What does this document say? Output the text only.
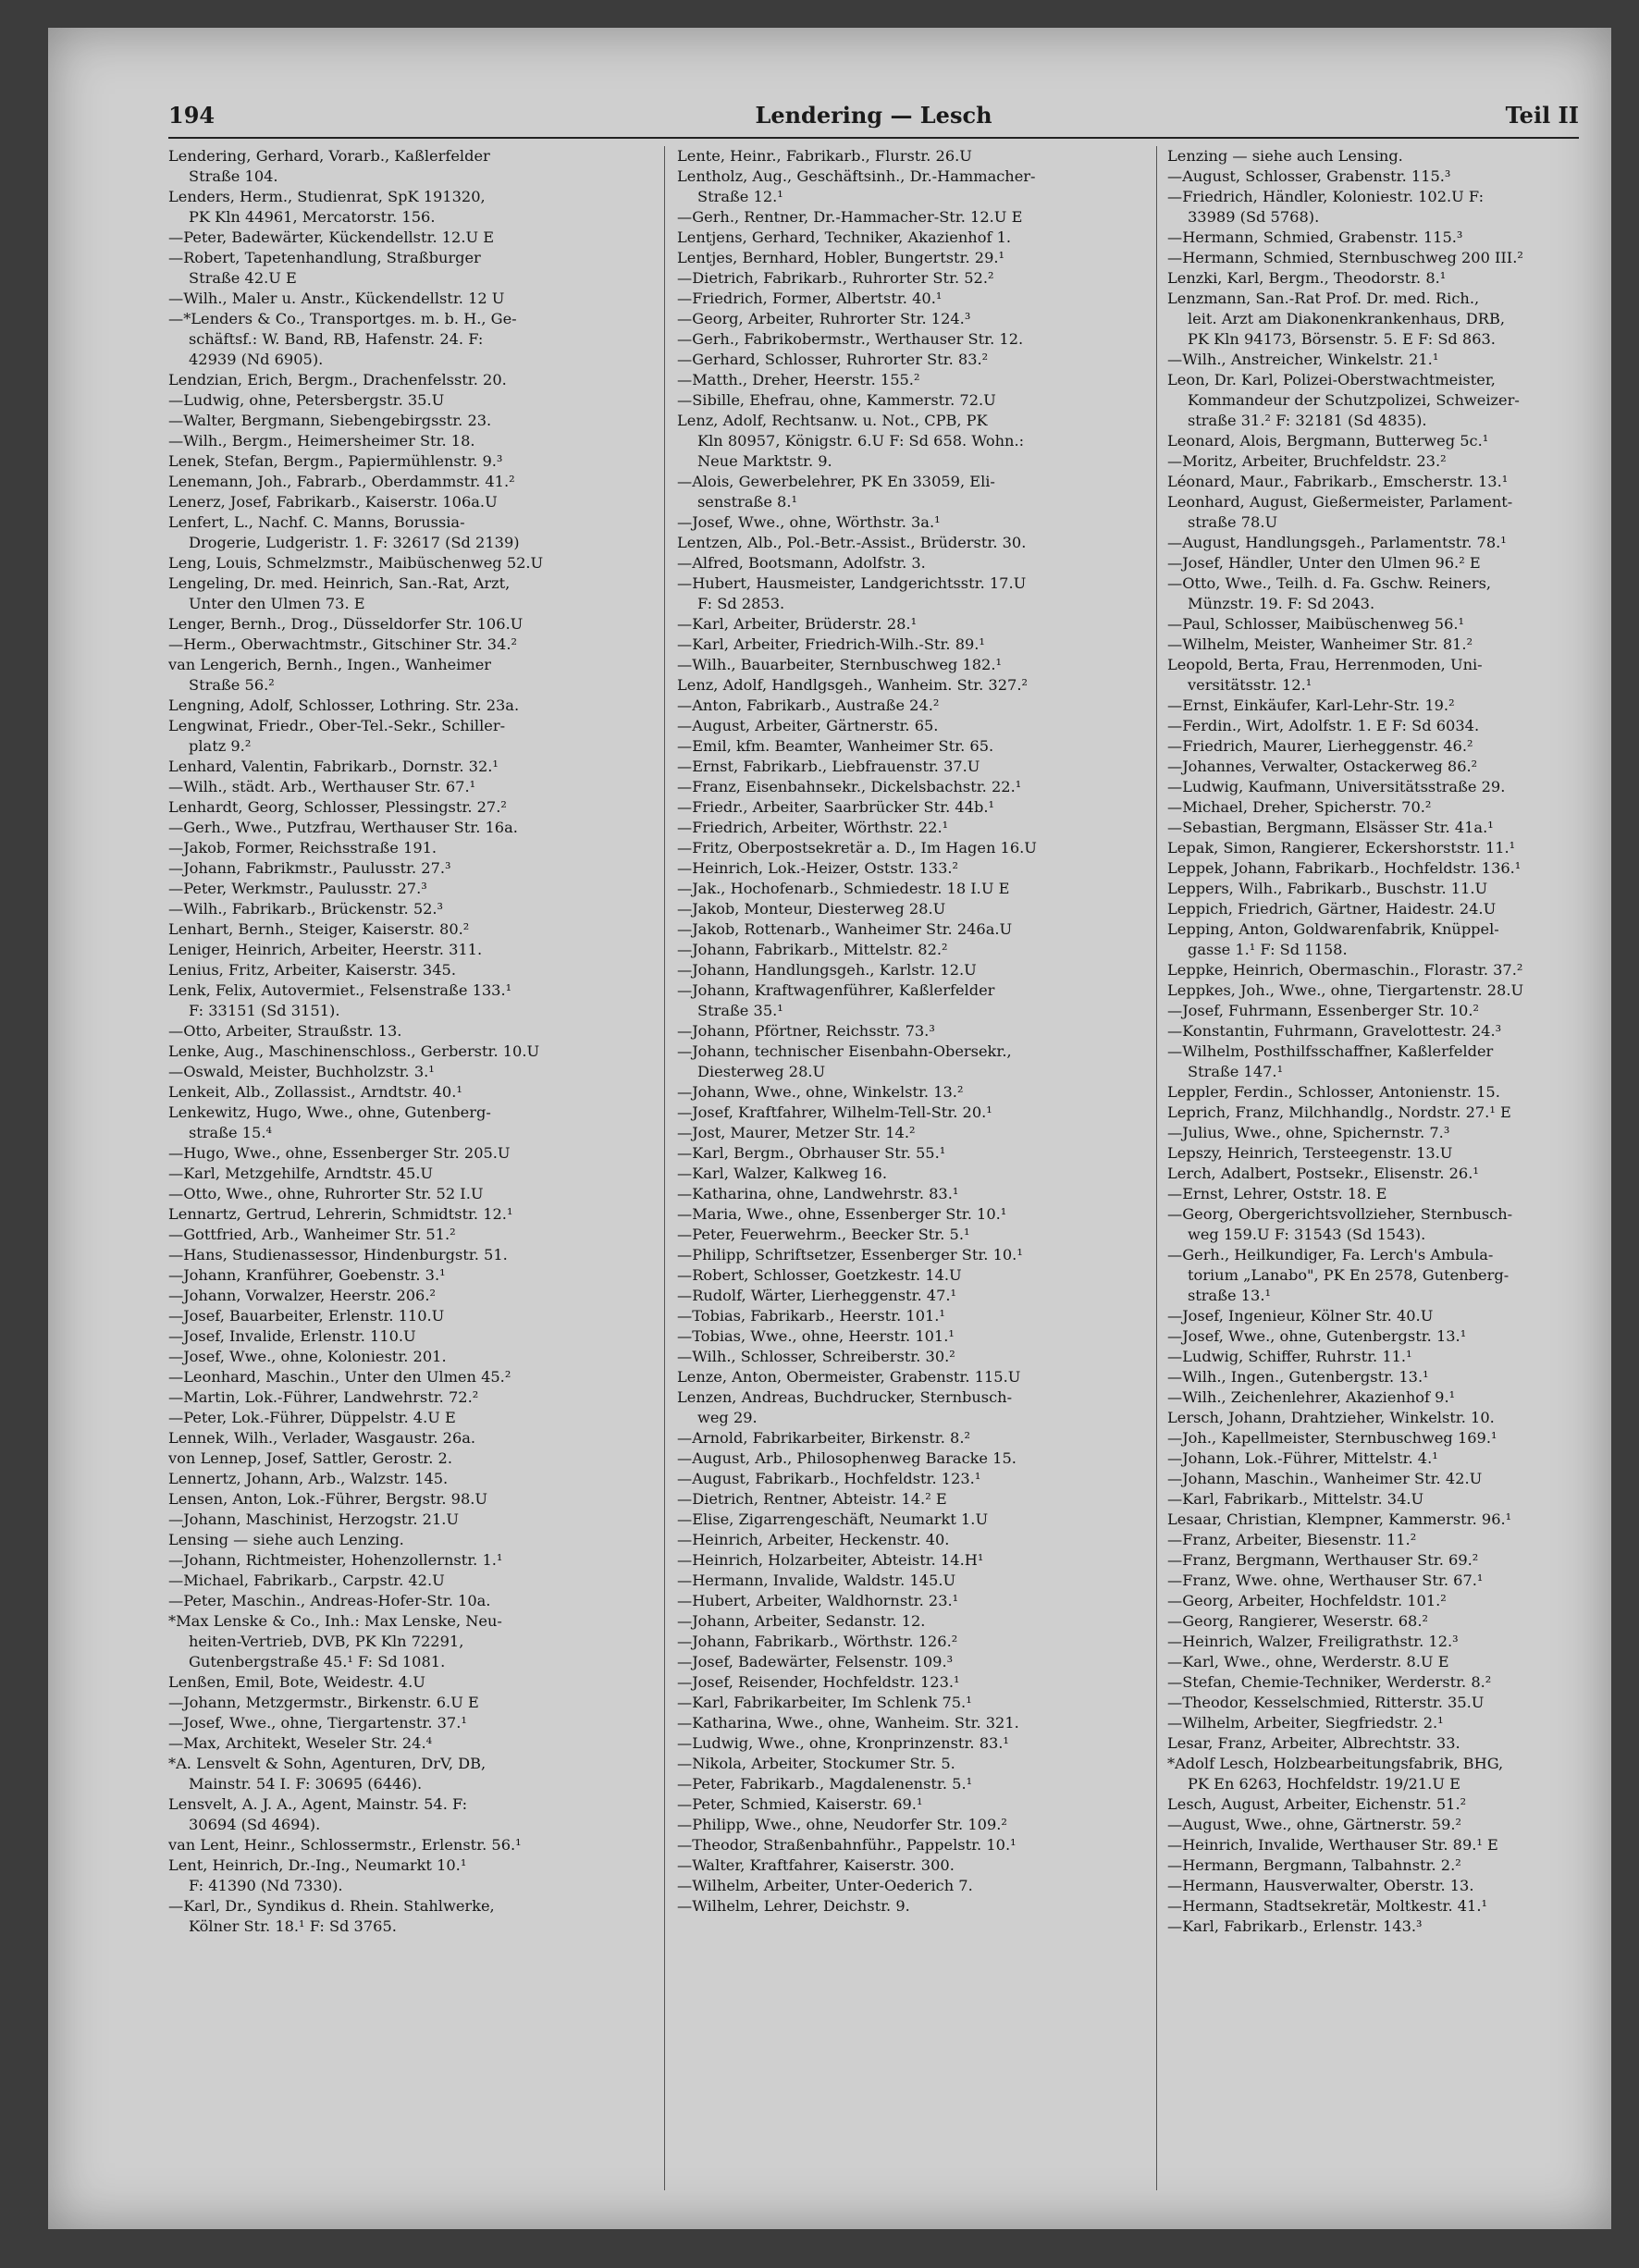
194	Lendering — Lesch	Teil II
Lendering, Gerhard, Vorarb., Kaßlerfelder
Straße 104.
Lenders, Herm., Studienrat, SpK 191320,
PK Kln 44961, Mercatorstr. 156.
—Peter, Badewärter, Kückendellstr. 12.U E
—Robert, Tapetenhandlung, Straßburger
Straße 42.U E
—Wilh., Maler u. Anstr., Kückendellstr. 12 U
—*Lenders & Co., Transportges. m. b. H., Ge-
schäftsf.: W. Band, RB, Hafenstr. 24. F:
42939 (Nd 6905).
Lendzian, Erich, Bergm., Drachenfelsstr. 20.
—Ludwig, ohne, Petersbergstr. 35.U
—Walter, Bergmann, Siebengebirgsstr. 23.
—Wilh., Bergm., Heimersheimer Str. 18.
Lenek, Stefan, Bergm., Papiermühlenstr. 9.³
Lenemann, Joh., Fabrarb., Oberdammstr. 41.²
Lenerz, Josef, Fabrikarb., Kaiserstr. 106a.U
Lenfert, L., Nachf. C. Manns, Borussia-
Drogerie, Ludgeristr. 1. F: 32617 (Sd 2139)
Leng, Louis, Schmelzmstr., Maibüschenweg 52.U
Lengeling, Dr. med. Heinrich, San.-Rat, Arzt,
Unter den Ulmen 73. E
Lenger, Bernh., Drog., Düsseldorfer Str. 106.U
—Herm., Oberwachtmstr., Gitschiner Str. 34.²
van Lengerich, Bernh., Ingen., Wanheimer
Straße 56.²
Lengning, Adolf, Schlosser, Lothring. Str. 23a.
Lengwinat, Friedr., Ober-Tel.-Sekr., Schiller-
platz 9.²
Lenhard, Valentin, Fabrikarb., Dornstr. 32.¹
—Wilh., städt. Arb., Werthauser Str. 67.¹
Lenhardt, Georg, Schlosser, Plessingstr. 27.²
—Gerh., Wwe., Putzfrau, Werthauser Str. 16a.
—Jakob, Former, Reichsstraße 191.
—Johann, Fabrikmstr., Paulusstr. 27.³
—Peter, Werkmstr., Paulusstr. 27.³
—Wilh., Fabrikarb., Brückenstr. 52.³
Lenhart, Bernh., Steiger, Kaiserstr. 80.²
Leniger, Heinrich, Arbeiter, Heerstr. 311.
Lenius, Fritz, Arbeiter, Kaiserstr. 345.
Lenk, Felix, Autovermiet., Felsenstraße 133.¹
F: 33151 (Sd 3151).
—Otto, Arbeiter, Straußstr. 13.
Lenke, Aug., Maschinenschloss., Gerberstr. 10.U
—Oswald, Meister, Buchholzstr. 3.¹
Lenkeit, Alb., Zollassist., Arndtstr. 40.¹
Lenkewitz, Hugo, Wwe., ohne, Gutenberg-
straße 15.⁴
—Hugo, Wwe., ohne, Essenberger Str. 205.U
—Karl, Metzgehilfe, Arndtstr. 45.U
—Otto, Wwe., ohne, Ruhrorter Str. 52 I.U
Lennartz, Gertrud, Lehrerin, Schmidtstr. 12.¹
—Gottfried, Arb., Wanheimer Str. 51.²
—Hans, Studienassessor, Hindenburgstr. 51.
—Johann, Kranführer, Goebenstr. 3.¹
—Johann, Vorwalzer, Heerstr. 206.²
—Josef, Bauarbeiter, Erlenstr. 110.U
—Josef, Invalide, Erlenstr. 110.U
—Josef, Wwe., ohne, Koloniestr. 201.
—Leonhard, Maschin., Unter den Ulmen 45.²
—Martin, Lok.-Führer, Landwehrstr. 72.²
—Peter, Lok.-Führer, Düppelstr. 4.U E
Lennek, Wilh., Verlader, Wasgaustr. 26a.
von Lennep, Josef, Sattler, Gerostr. 2.
Lennertz, Johann, Arb., Walzstr. 145.
Lensen, Anton, Lok.-Führer, Bergstr. 98.U
—Johann, Maschinist, Herzogstr. 21.U
Lensing — siehe auch Lenzing.
—Johann, Richtmeister, Hohenzollernstr. 1.¹
—Michael, Fabrikarb., Carpstr. 42.U
—Peter, Maschin., Andreas-Hofer-Str. 10a.
*Max Lenske & Co., Inh.: Max Lenske, Neu-
heiten-Vertrieb, DVB, PK Kln 72291,
Gutenbergstraße 45.¹ F: Sd 1081.
Lenßen, Emil, Bote, Weidestr. 4.U
—Johann, Metzgermstr., Birkenstr. 6.U E
—Josef, Wwe., ohne, Tiergartenstr. 37.¹
—Max, Architekt, Weseler Str. 24.⁴
*A. Lensvelt & Sohn, Agenturen, DrV, DB,
Mainstr. 54 I. F: 30695 (6446).
Lensvelt, A. J. A., Agent, Mainstr. 54. F:
30694 (Sd 4694).
van Lent, Heinr., Schlossermstr., Erlenstr. 56.¹
Lent, Heinrich, Dr.-Ing., Neumarkt 10.¹
F: 41390 (Nd 7330).
—Karl, Dr., Syndikus d. Rhein. Stahlwerke,
Kölner Str. 18.¹ F: Sd 3765.
Lente, Heinr., Fabrikarb., Flurstr. 26.U
Lentholz, Aug., Geschäftsinh., Dr.-Hammacher-
Straße 12.¹
—Gerh., Rentner, Dr.-Hammacher-Str. 12.U E
Lentjens, Gerhard, Techniker, Akazienhof 1.
Lentjes, Bernhard, Hobler, Bungertstr. 29.¹
—Dietrich, Fabrikarb., Ruhrorter Str. 52.²
—Friedrich, Former, Albertstr. 40.¹
—Georg, Arbeiter, Ruhrorter Str. 124.³
—Gerh., Fabrikobermstr., Werthauser Str. 12.
—Gerhard, Schlosser, Ruhrorter Str. 83.²
—Matth., Dreher, Heerstr. 155.²
—Sibille, Ehefrau, ohne, Kammerstr. 72.U
Lenz, Adolf, Rechtsanw. u. Not., CPB, PK
Kln 80957, Königstr. 6.U F: Sd 658. Wohn.:
Neue Marktstr. 9.
—Alois, Gewerbelehrer, PK En 33059, Eli-
senstraße 8.¹
—Josef, Wwe., ohne, Wörthstr. 3a.¹
Lentzen, Alb., Pol.-Betr.-Assist., Brüderstr. 30.
—Alfred, Bootsmann, Adolfstr. 3.
—Hubert, Hausmeister, Landgerichtsstr. 17.U
F: Sd 2853.
—Karl, Arbeiter, Brüderstr. 28.¹
—Karl, Arbeiter, Friedrich-Wilh.-Str. 89.¹
—Wilh., Bauarbeiter, Sternbuschweg 182.¹
Lenz, Adolf, Handlgsgeh., Wanheim. Str. 327.²
—Anton, Fabrikarb., Austraße 24.²
—August, Arbeiter, Gärtnerstr. 65.
—Emil, kfm. Beamter, Wanheimer Str. 65.
—Ernst, Fabrikarb., Liebfrauenstr. 37.U
—Franz, Eisenbahnsekr., Dickelsbachstr. 22.¹
—Friedr., Arbeiter, Saarbrücker Str. 44b.¹
—Friedrich, Arbeiter, Wörthstr. 22.¹
—Fritz, Oberpostsekretär a. D., Im Hagen 16.U
—Heinrich, Lok.-Heizer, Oststr. 133.²
—Jak., Hochofenarb., Schmiedestr. 18 I.U E
—Jakob, Monteur, Diesterweg 28.U
—Jakob, Rottenarb., Wanheimer Str. 246a.U
—Johann, Fabrikarb., Mittelstr. 82.²
—Johann, Handlungsgeh., Karlstr. 12.U
—Johann, Kraftwagenführer, Kaßlerfelder
Straße 35.¹
—Johann, Pförtner, Reichsstr. 73.³
—Johann, technischer Eisenbahn-Obersekr.,
Diesterweg 28.U
—Johann, Wwe., ohne, Winkelstr. 13.²
—Josef, Kraftfahrer, Wilhelm-Tell-Str. 20.¹
—Jost, Maurer, Metzer Str. 14.²
—Karl, Bergm., Obrhauser Str. 55.¹
—Karl, Walzer, Kalkweg 16.
—Katharina, ohne, Landwehrstr. 83.¹
—Maria, Wwe., ohne, Essenberger Str. 10.¹
—Peter, Feuerwehrm., Beecker Str. 5.¹
—Philipp, Schriftsetzer, Essenberger Str. 10.¹
—Robert, Schlosser, Goetzkestr. 14.U
—Rudolf, Wärter, Lierheggenstr. 47.¹
—Tobias, Fabrikarb., Heerstr. 101.¹
—Tobias, Wwe., ohne, Heerstr. 101.¹
—Wilh., Schlosser, Schreiberstr. 30.²
Lenze, Anton, Obermeister, Grabenstr. 115.U
Lenzen, Andreas, Buchdrucker, Sternbusch-
weg 29.
—Arnold, Fabrikarbeiter, Birkenstr. 8.²
—August, Arb., Philosophenweg Baracke 15.
—August, Fabrikarb., Hochfeldstr. 123.¹
—Dietrich, Rentner, Abteistr. 14.² E
—Elise, Zigarrengeschäft, Neumarkt 1.U
—Heinrich, Arbeiter, Heckenstr. 40.
—Heinrich, Holzarbeiter, Abteistr. 14.H¹
—Hermann, Invalide, Waldstr. 145.U
—Hubert, Arbeiter, Waldhornstr. 23.¹
—Johann, Arbeiter, Sedanstr. 12.
—Johann, Fabrikarb., Wörthstr. 126.²
—Josef, Badewärter, Felsenstr. 109.³
—Josef, Reisender, Hochfeldstr. 123.¹
—Karl, Fabrikarbeiter, Im Schlenk 75.¹
—Katharina, Wwe., ohne, Wanheim. Str. 321.
—Ludwig, Wwe., ohne, Kronprinzenstr. 83.¹
—Nikola, Arbeiter, Stockumer Str. 5.
—Peter, Fabrikarb., Magdalenenstr. 5.¹
—Peter, Schmied, Kaiserstr. 69.¹
—Philipp, Wwe., ohne, Neudorfer Str. 109.²
—Theodor, Straßenbahnführ., Pappelstr. 10.¹
—Walter, Kraftfahrer, Kaiserstr. 300.
—Wilhelm, Arbeiter, Unter-Oederich 7.
—Wilhelm, Lehrer, Deichstr. 9.
Lenzing — siehe auch Lensing.
—August, Schlosser, Grabenstr. 115.³
—Friedrich, Händler, Koloniestr. 102.U F:
33989 (Sd 5768).
—Hermann, Schmied, Grabenstr. 115.³
—Hermann, Schmied, Sternbuschweg 200 III.²
Lenzki, Karl, Bergm., Theodorstr. 8.¹
Lenzmann, San.-Rat Prof. Dr. med. Rich.,
leit. Arzt am Diakonenkrankenhaus, DRB,
PK Kln 94173, Börsenstr. 5. E F: Sd 863.
—Wilh., Anstreicher, Winkelstr. 21.¹
Leon, Dr. Karl, Polizei-Oberstwachtmeister,
Kommandeur der Schutzpolizei, Schweizer-
straße 31.² F: 32181 (Sd 4835).
Leonard, Alois, Bergmann, Butterweg 5c.¹
—Moritz, Arbeiter, Bruchfeldstr. 23.²
Léonard, Maur., Fabrikarb., Emscherstr. 13.¹
Leonhard, August, Gießermeister, Parlament-
straße 78.U
—August, Handlungsgeh., Parlamentstr. 78.¹
—Josef, Händler, Unter den Ulmen 96.² E
—Otto, Wwe., Teilh. d. Fa. Gschw. Reiners,
Münzstr. 19. F: Sd 2043.
—Paul, Schlosser, Maibüschenweg 56.¹
—Wilhelm, Meister, Wanheimer Str. 81.²
Leopold, Berta, Frau, Herrenmoden, Uni-
versitätsstr. 12.¹
—Ernst, Einkäufer, Karl-Lehr-Str. 19.²
—Ferdin., Wirt, Adolfstr. 1. E F: Sd 6034.
—Friedrich, Maurer, Lierheggenstr. 46.²
—Johannes, Verwalter, Ostackerweg 86.²
—Ludwig, Kaufmann, Universitätsstraße 29.
—Michael, Dreher, Spicherstr. 70.²
—Sebastian, Bergmann, Elsässer Str. 41a.¹
Lepak, Simon, Rangierer, Eckershorststr. 11.¹
Leppek, Johann, Fabrikarb., Hochfeldstr. 136.¹
Leppers, Wilh., Fabrikarb., Buschstr. 11.U
Leppich, Friedrich, Gärtner, Haidestr. 24.U
Lepping, Anton, Goldwarenfabrik, Knüppel-
gasse 1.¹ F: Sd 1158.
Leppke, Heinrich, Obermaschin., Florastr. 37.²
Leppkes, Joh., Wwe., ohne, Tiergartenstr. 28.U
—Josef, Fuhrmann, Essenberger Str. 10.²
—Konstantin, Fuhrmann, Gravelottestr. 24.³
—Wilhelm, Posthilfsschaffner, Kaßlerfelder
Straße 147.¹
Leppler, Ferdin., Schlosser, Antonienstr. 15.
Leprich, Franz, Milchhandlg., Nordstr. 27.¹ E
—Julius, Wwe., ohne, Spichernstr. 7.³
Lepszy, Heinrich, Tersteegenstr. 13.U
Lerch, Adalbert, Postsekr., Elisenstr. 26.¹
—Ernst, Lehrer, Oststr. 18. E
—Georg, Obergerichtsvollzieher, Sternbusch-
weg 159.U F: 31543 (Sd 1543).
—Gerh., Heilkundiger, Fa. Lerch's Ambula-
torium „Lanabo", PK En 2578, Gutenberg-
straße 13.¹
—Josef, Ingenieur, Kölner Str. 40.U
—Josef, Wwe., ohne, Gutenbergstr. 13.¹
—Ludwig, Schiffer, Ruhrstr. 11.¹
—Wilh., Ingen., Gutenbergstr. 13.¹
—Wilh., Zeichenlehrer, Akazienhof 9.¹
Lersch, Johann, Drahtzieher, Winkelstr. 10.
—Joh., Kapellmeister, Sternbuschweg 169.¹
—Johann, Lok.-Führer, Mittelstr. 4.¹
—Johann, Maschin., Wanheimer Str. 42.U
—Karl, Fabrikarb., Mittelstr. 34.U
Lesaar, Christian, Klempner, Kammerstr. 96.¹
—Franz, Arbeiter, Biesenstr. 11.²
—Franz, Bergmann, Werthauser Str. 69.²
—Franz, Wwe. ohne, Werthauser Str. 67.¹
—Georg, Arbeiter, Hochfeldstr. 101.²
—Georg, Rangierer, Weserstr. 68.²
—Heinrich, Walzer, Freiligrathstr. 12.³
—Karl, Wwe., ohne, Werderstr. 8.U E
—Stefan, Chemie-Techniker, Werderstr. 8.²
—Theodor, Kesselschmied, Ritterstr. 35.U
—Wilhelm, Arbeiter, Siegfriedstr. 2.¹
Lesar, Franz, Arbeiter, Albrechtstr. 33.
*Adolf Lesch, Holzbearbeitungsfabrik, BHG,
PK En 6263, Hochfeldstr. 19/21.U E
Lesch, August, Arbeiter, Eichenstr. 51.²
—August, Wwe., ohne, Gärtnerstr. 59.²
—Heinrich, Invalide, Werthauser Str. 89.¹ E
—Hermann, Bergmann, Talbahnstr. 2.²
—Hermann, Hausverwalter, Oberstr. 13.
—Hermann, Stadtsekretär, Moltkestr. 41.¹
—Karl, Fabrikarb., Erlenstr. 143.³
